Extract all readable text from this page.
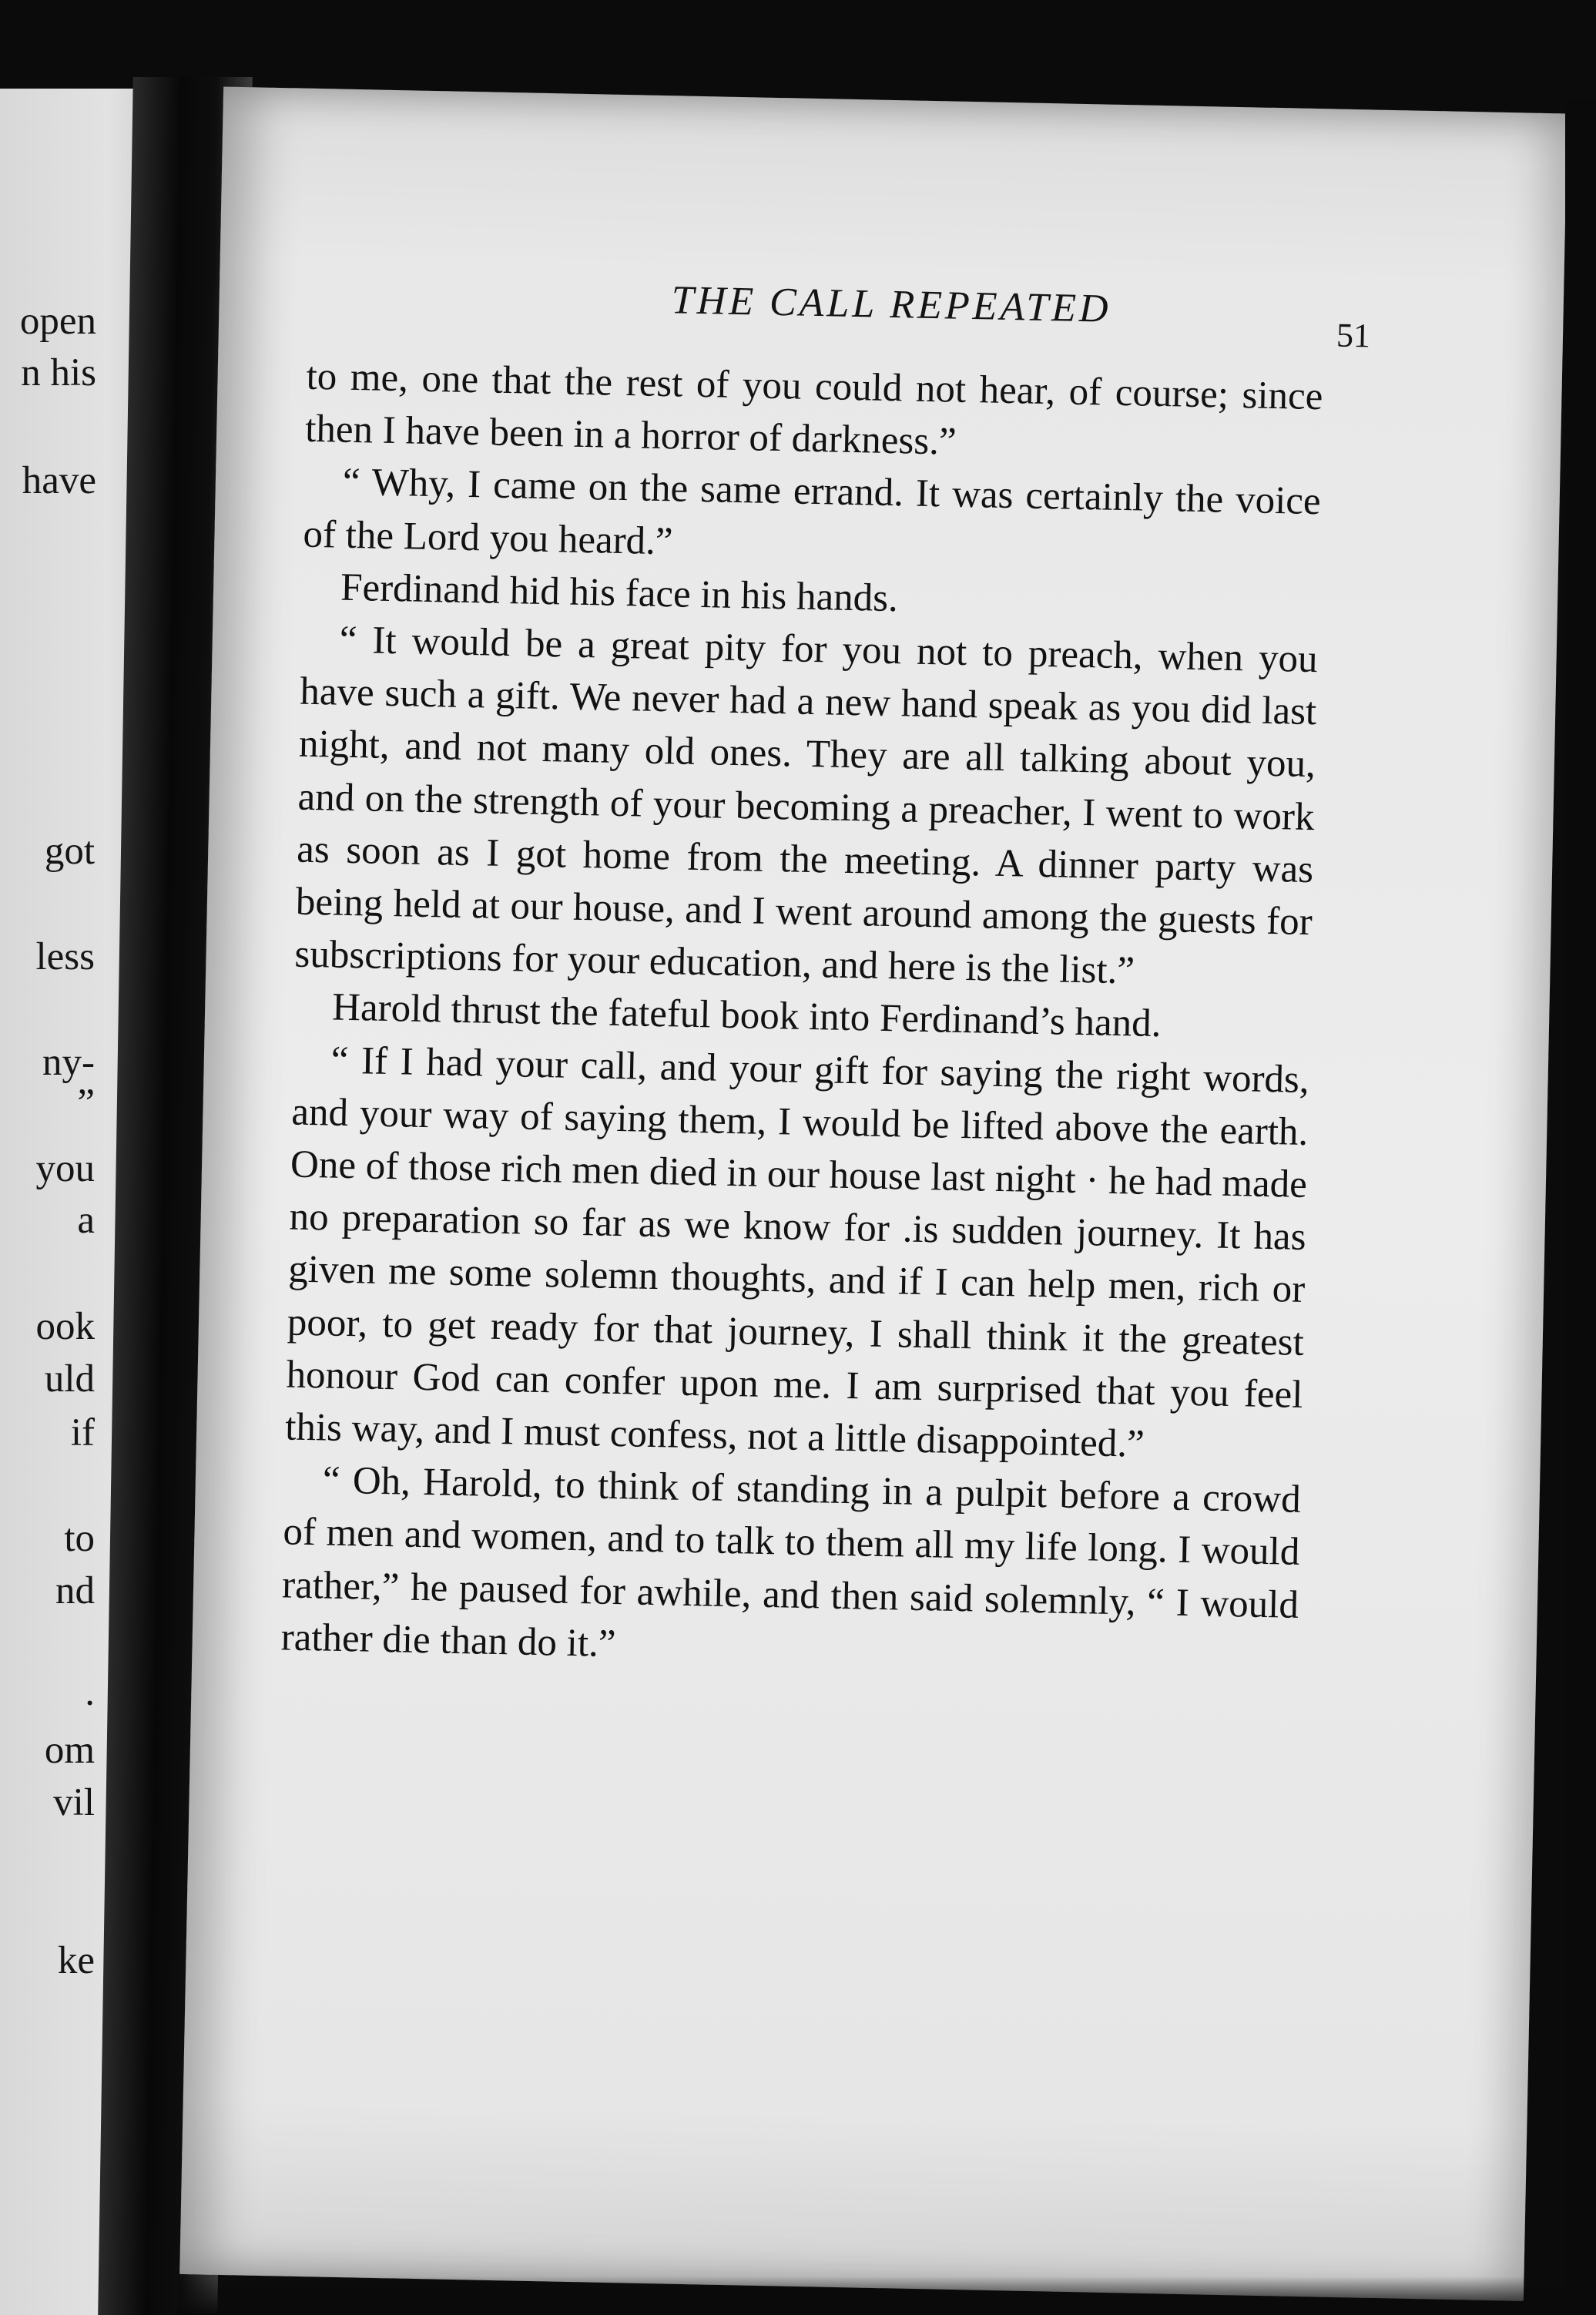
open
n his
have
got
less
ny-
”
you
a
ook
uld
if
to
nd
.
om
vil
ke
THE CALL REPEATED
51

to me, one that the rest of you could not hear, of course; since then I have been in a horror of darkness.”

“ Why, I came on the same errand. It was certainly the voice of the Lord you heard.”

Ferdinand hid his face in his hands.

“ It would be a great pity for you not to preach, when you have such a gift. We never had a new hand speak as you did last night, and not many old ones. They are all talking about you, and on the strength of your becoming a preacher, I went to work as soon as I got home from the meeting. A dinner party was being held at our house, and I went around among the guests for subscriptions for your education, and here is the list.”

Harold thrust the fateful book into Ferdinand’s hand.

“ If I had your call, and your gift for saying the right words, and your way of saying them, I would be lifted above the earth. One of those rich men died in our house last night · he had made no preparation so far as we know for .is sudden journey. It has given me some solemn thoughts, and if I can help men, rich or poor, to get ready for that journey, I shall think it the greatest honour God can confer upon me. I am surprised that you feel this way, and I must confess, not a little disappointed.”

“ Oh, Harold, to think of standing in a pulpit before a crowd of men and women, and to talk to them all my life long. I would rather,” he paused for awhile, and then said solemnly, “ I would rather die than do it.”
